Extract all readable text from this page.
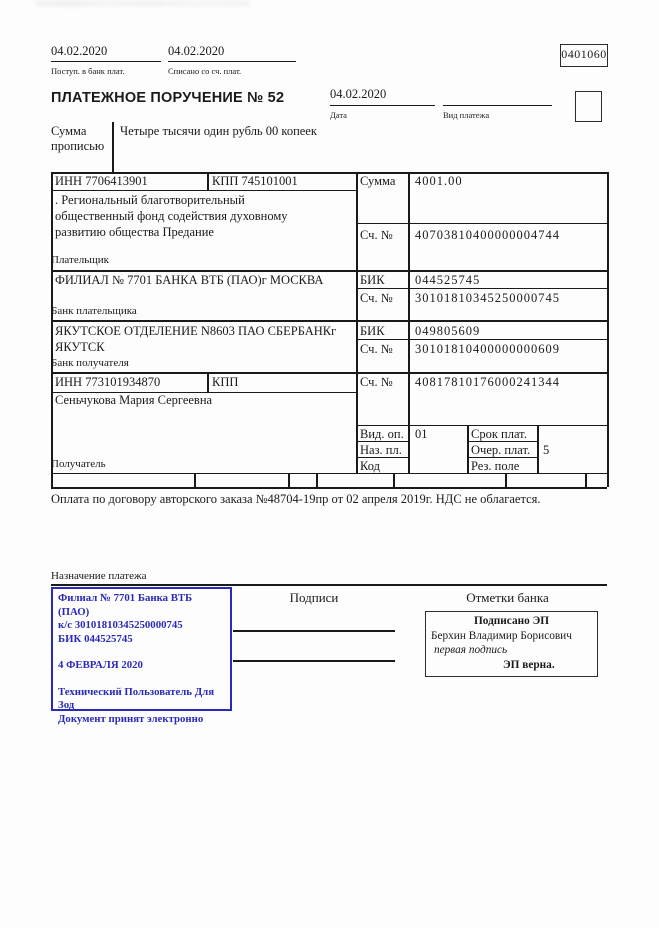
04.02.2020
Поступ. в банк плат.
04.02.2020
Списано со сч. плат.
0401060
ПЛАТЕЖНОЕ ПОРУЧЕНИЕ № 52	04.02.2020
Дата	Вид платежа
Сумма
прописью
Четыре тысячи один рубль 00 копеек
ИНН 7706413901	КПП 745101001	Сумма 4001.00
. Региональный благотворительный
общественный фонд содействия духовному
развитию общества Предание	Сч. № 40703810400000004744
Плательщик
ФИЛИАЛ № 7701 БАНКА ВТБ (ПАО)г МОСКВА	БИК 044525745
Сч. № 30101810345250000745
Банк плательщика
ЯКУТСКОЕ ОТДЕЛЕНИЕ N8603 ПАО СБЕРБАНКг
ЯКУТСК
БИК 049805609
Сч. № 30101810400000000609
Банк получателя
ИНН 773101934870	КПП	Сч. № 40817810176000241344
Сеньчукова Мария Сергеевна
Вид. оп. 01	Срок плат.
Наз. пл.	Очер. плат. 5
Код	Рез. поле
Получатель
Оплата по договору авторского заказа №48704-19пр от 02 апреля 2019г. НДС не облагается.
Назначение платежа
Филиал № 7701 Банка ВТБ (ПАО)
к/с 30101810345250000745
БИК 044525745
4 ФЕВРАЛЯ 2020
Технический Пользователь Для Зод
Документ принят электронно
Подписи	Отметки банка
Подписано ЭП
Берхин Владимир Борисович
первая подпись
ЭП верна.
